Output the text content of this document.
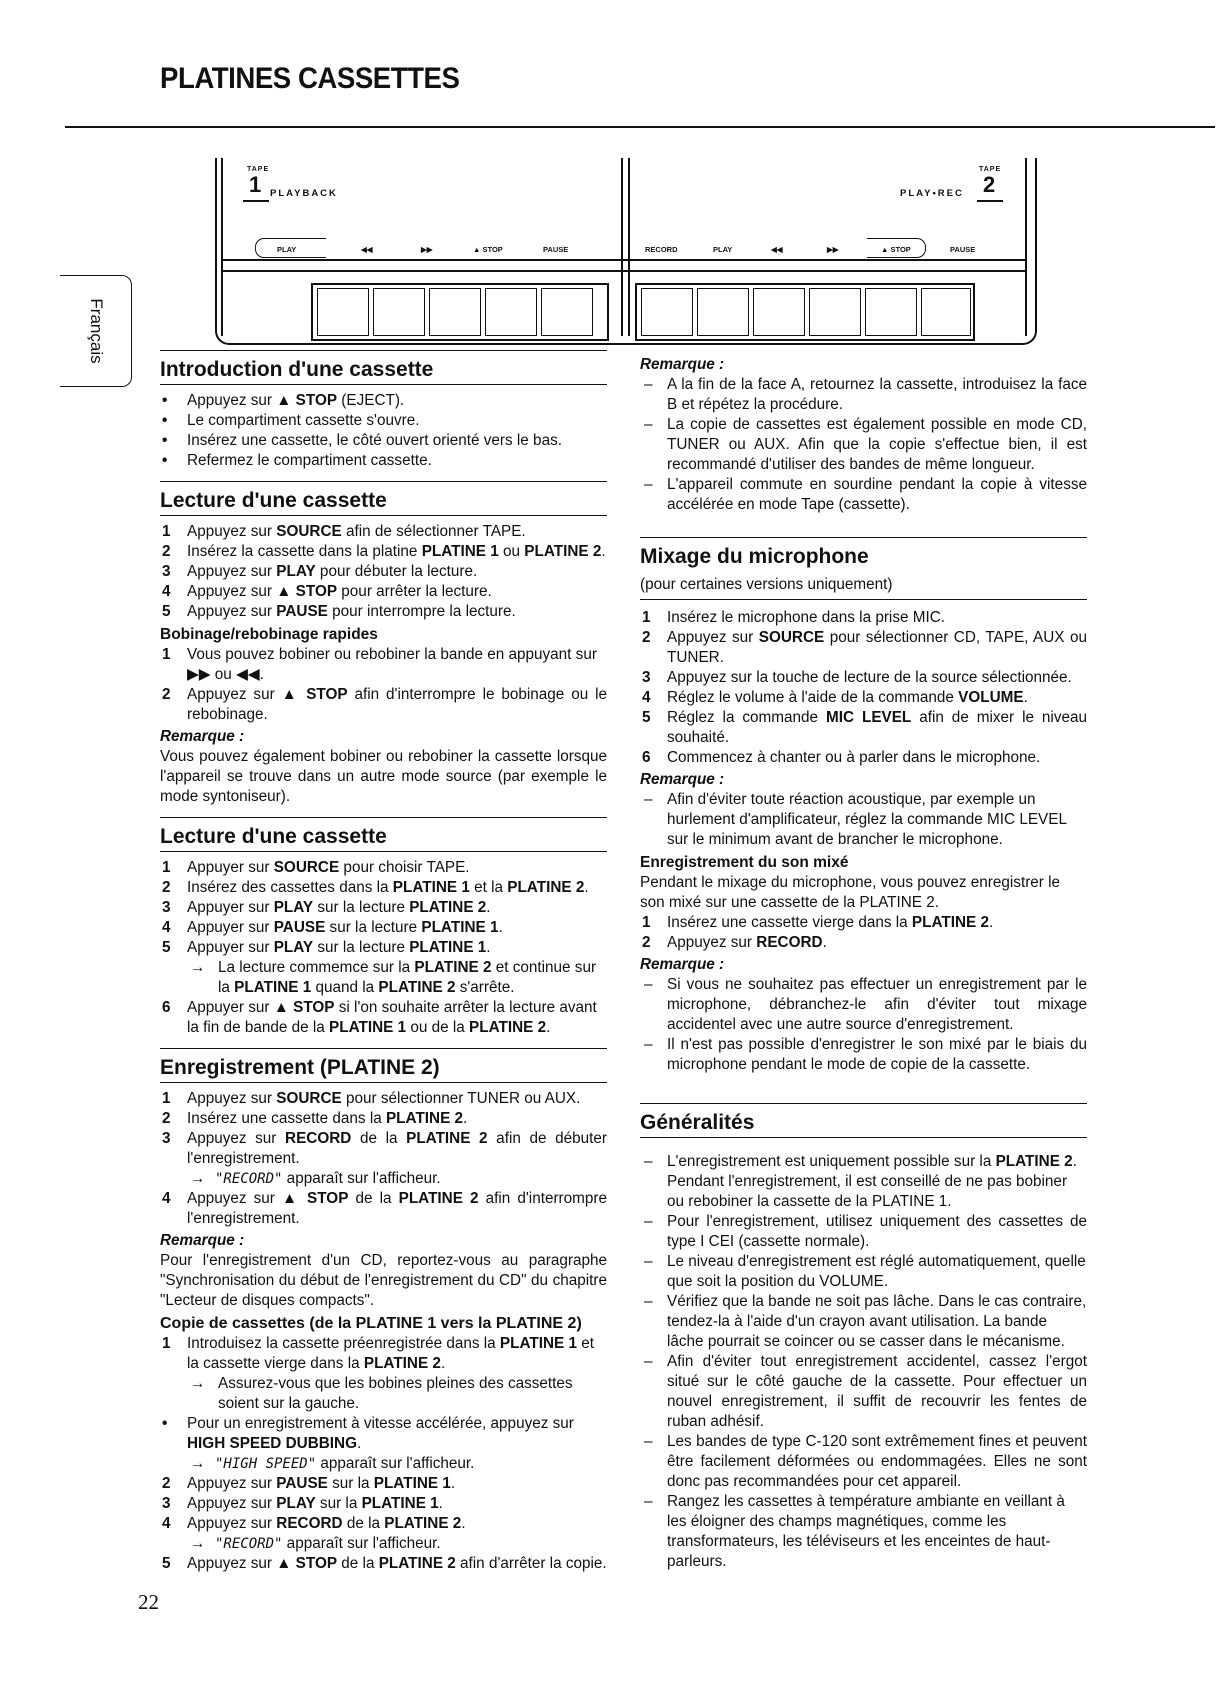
PLATINES CASSETTES
Français
TAPE
1 PLAYBACK
TAPE
2
PLAY•REC
PLAY	◀◀	▶▶	▲ STOP	PAUSE	RECORD	PLAY	◀◀	▶▶	▲ STOP	PAUSE
Introduction d'une cassette
• Appuyez sur ▲ STOP (EJECT).
• Le compartiment cassette s'ouvre.
• Insérez une cassette, le côté ouvert orienté vers le bas.
• Refermez le compartiment cassette.
Lecture d'une cassette
1 Appuyez sur SOURCE afin de sélectionner TAPE.
2 Insérez la cassette dans la platine PLATINE 1 ou PLATINE 2.
3 Appuyez sur PLAY pour débuter la lecture.
4 Appuyez sur ▲ STOP pour arrêter la lecture.
5 Appuyez sur PAUSE pour interrompre la lecture.
Bobinage/rebobinage rapides
1 Vous pouvez bobiner ou rebobiner la bande en appuyant sur ▶▶ ou ◀◀.
2 Appuyez sur ▲ STOP afin d'interrompre le bobinage ou le rebobinage.
Remarque :

Vous pouvez également bobiner ou rebobiner la cassette lorsque l'appareil se trouve dans un autre mode source (par exemple le mode syntoniseur).

Lecture d'une cassette
1 Appuyer sur SOURCE pour choisir TAPE.
2 Insérez des cassettes dans la PLATINE 1 et la PLATINE 2.
3 Appuyer sur PLAY sur la lecture PLATINE 2.
4 Appuyer sur PAUSE sur la lecture PLATINE 1.
5 Appuyer sur PLAY sur la lecture PLATINE 1.
→ La lecture commemce sur la PLATINE 2 et continue sur la PLATINE 1 quand la PLATINE 2 s'arrête.
6 Appuyer sur ▲ STOP si l'on souhaite arrêter la lecture avant la fin de bande de la PLATINE 1 ou de la PLATINE 2.
Enregistrement (PLATINE 2)
1 Appuyez sur SOURCE pour sélectionner TUNER ou AUX.
2 Insérez une cassette dans la PLATINE 2.
3 Appuyez sur RECORD de la PLATINE 2 afin de débuter l'enregistrement.
→ "RECORD" apparaît sur l'afficheur.
4 Appuyez sur ▲ STOP de la PLATINE 2 afin d'interrompre l'enregistrement.
Remarque :

Pour l'enregistrement d'un CD, reportez-vous au paragraphe "Synchronisation du début de l'enregistrement du CD" du chapitre "Lecteur de disques compacts".

Copie de cassettes (de la PLATINE 1 vers la PLATINE 2)
1 Introduisez la cassette préenregistrée dans la PLATINE 1 et la cassette vierge dans la PLATINE 2.
→ Assurez-vous que les bobines pleines des cassettes soient sur la gauche.
• Pour un enregistrement à vitesse accélérée, appuyez sur HIGH SPEED DUBBING.
→ "HIGH SPEED" apparaît sur l'afficheur.
2 Appuyez sur PAUSE sur la PLATINE 1.
3 Appuyez sur PLAY sur la PLATINE 1.
4 Appuyez sur RECORD de la PLATINE 2.
→ "RECORD" apparaît sur l'afficheur.
5 Appuyez sur ▲ STOP de la PLATINE 2 afin d'arrêter la copie.
Remarque :
– A la fin de la face A, retournez la cassette, introduisez la face B et répétez la procédure.
– La copie de cassettes est également possible en mode CD, TUNER ou AUX. Afin que la copie s'effectue bien, il est recommandé d'utiliser des bandes de même longueur.
– L'appareil commute en sourdine pendant la copie à vitesse accélérée en mode Tape (cassette).
Mixage du microphone

(pour certaines versions uniquement)

1 Insérez le microphone dans la prise MIC.
2 Appuyez sur SOURCE pour sélectionner CD, TAPE, AUX ou TUNER.
3 Appuyez sur la touche de lecture de la source sélectionnée.
4 Réglez le volume à l'aide de la commande VOLUME.
5 Réglez la commande MIC LEVEL afin de mixer le niveau souhaité.
6 Commencez à chanter ou à parler dans le microphone.
Remarque :
– Afin d'éviter toute réaction acoustique, par exemple un hurlement d'amplificateur, réglez la commande MIC LEVEL sur le minimum avant de brancher le microphone.
Enregistrement du son mixé

Pendant le mixage du microphone, vous pouvez enregistrer le son mixé sur une cassette de la PLATINE 2.

1 Insérez une cassette vierge dans la PLATINE 2.
2 Appuyez sur RECORD.
Remarque :
– Si vous ne souhaitez pas effectuer un enregistrement par le microphone, débranchez-le afin d'éviter tout mixage accidentel avec une autre source d'enregistrement.
– Il n'est pas possible d'enregistrer le son mixé par le biais du microphone pendant le mode de copie de la cassette.
Généralités
– L'enregistrement est uniquement possible sur la PLATINE 2. Pendant l'enregistrement, il est conseillé de ne pas bobiner ou rebobiner la cassette de la PLATINE 1.
– Pour l'enregistrement, utilisez uniquement des cassettes de type I CEI (cassette normale).
– Le niveau d'enregistrement est réglé automatiquement, quelle que soit la position du VOLUME.
– Vérifiez que la bande ne soit pas lâche. Dans le cas contraire, tendez-la à l'aide d'un crayon avant utilisation. La bande lâche pourrait se coincer ou se casser dans le mécanisme.
– Afin d'éviter tout enregistrement accidentel, cassez l'ergot situé sur le côté gauche de la cassette. Pour effectuer un nouvel enregistrement, il suffit de recouvrir les fentes de ruban adhésif.
– Les bandes de type C-120 sont extrêmement fines et peuvent être facilement déformées ou endommagées. Elles ne sont donc pas recommandées pour cet appareil.
– Rangez les cassettes à température ambiante en veillant à les éloigner des champs magnétiques, comme les transformateurs, les téléviseurs et les enceintes de haut-parleurs.
22
